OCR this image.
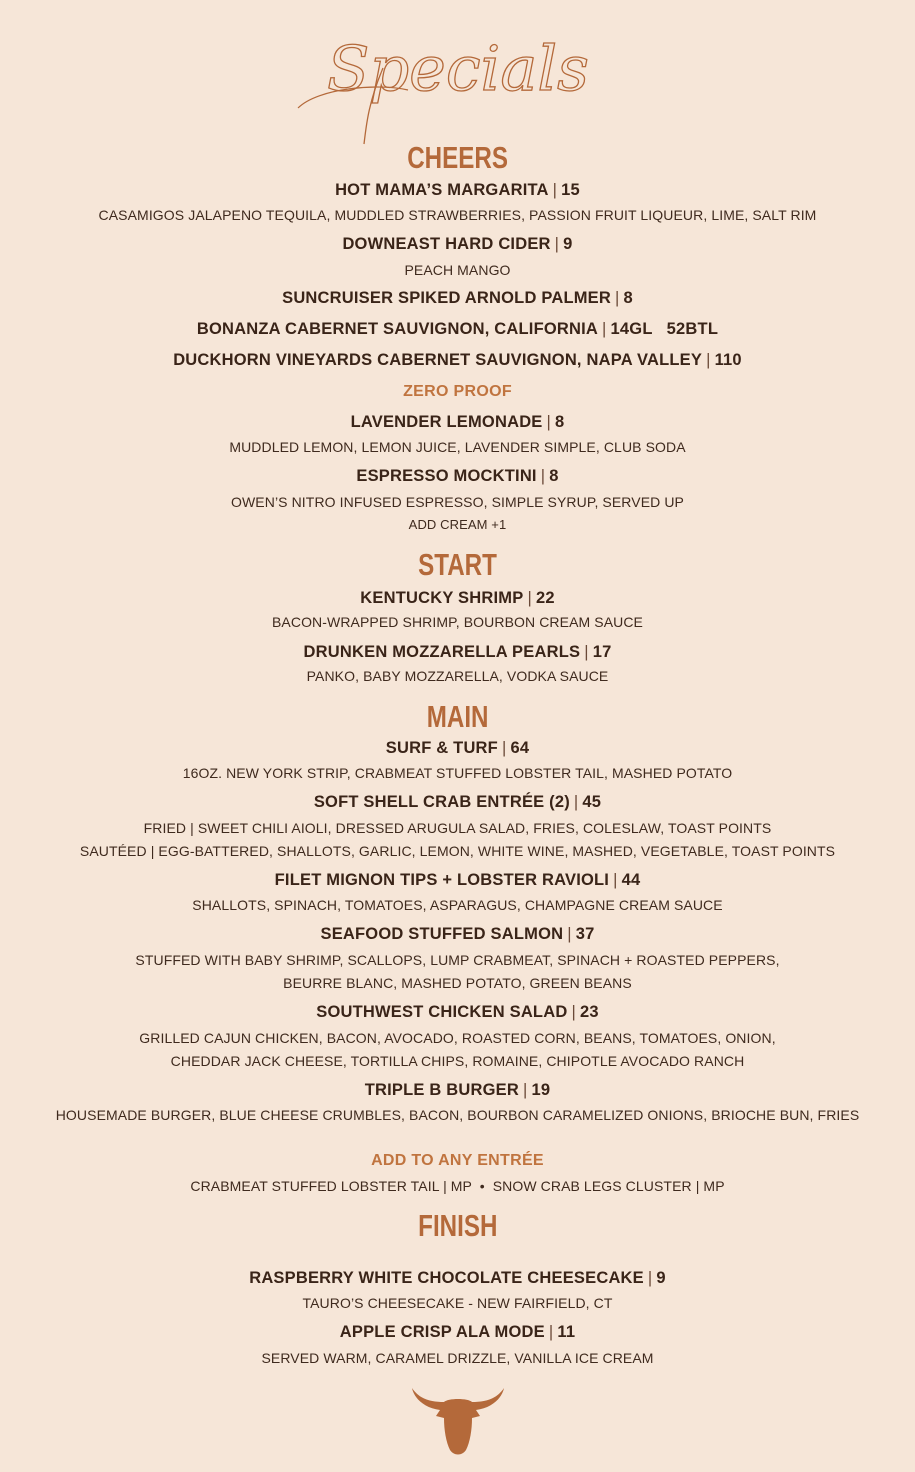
Specials
CHEERS
HOT MAMA’S MARGARITA | 15
CASAMIGOS JALAPENO TEQUILA, MUDDLED STRAWBERRIES, PASSION FRUIT LIQUEUR, LIME, SALT RIM
DOWNEAST HARD CIDER | 9
PEACH MANGO
SUNCRUISER SPIKED ARNOLD PALMER | 8
BONANZA CABERNET SAUVIGNON, CALIFORNIA | 14GL   52BTL
DUCKHORN VINEYARDS CABERNET SAUVIGNON, NAPA VALLEY | 110
ZERO PROOF
LAVENDER LEMONADE | 8
MUDDLED LEMON, LEMON JUICE, LAVENDER SIMPLE, CLUB SODA
ESPRESSO MOCKTINI | 8
OWEN’S NITRO INFUSED ESPRESSO, SIMPLE SYRUP, SERVED UP
ADD CREAM +1
START
KENTUCKY SHRIMP | 22
BACON-WRAPPED SHRIMP, BOURBON CREAM SAUCE
DRUNKEN MOZZARELLA PEARLS | 17
PANKO, BABY MOZZARELLA, VODKA SAUCE
MAIN
SURF & TURF | 64
16OZ. NEW YORK STRIP, CRABMEAT STUFFED LOBSTER TAIL, MASHED POTATO
SOFT SHELL CRAB ENTRÉE (2) | 45
FRIED | SWEET CHILI AIOLI, DRESSED ARUGULA SALAD, FRIES, COLESLAW, TOAST POINTS
SAUTÉED | EGG-BATTERED, SHALLOTS, GARLIC, LEMON, WHITE WINE, MASHED, VEGETABLE, TOAST POINTS
FILET MIGNON TIPS + LOBSTER RAVIOLI | 44
SHALLOTS, SPINACH, TOMATOES, ASPARAGUS, CHAMPAGNE CREAM SAUCE
SEAFOOD STUFFED SALMON | 37
STUFFED WITH BABY SHRIMP, SCALLOPS, LUMP CRABMEAT, SPINACH + ROASTED PEPPERS,
BEURRE BLANC, MASHED POTATO, GREEN BEANS
SOUTHWEST CHICKEN SALAD | 23
GRILLED CAJUN CHICKEN, BACON, AVOCADO, ROASTED CORN, BEANS, TOMATOES, ONION,
CHEDDAR JACK CHEESE, TORTILLA CHIPS, ROMAINE, CHIPOTLE AVOCADO RANCH
TRIPLE B BURGER | 19
HOUSEMADE BURGER, BLUE CHEESE CRUMBLES, BACON, BOURBON CARAMELIZED ONIONS, BRIOCHE BUN, FRIES
ADD TO ANY ENTRÉE
CRABMEAT STUFFED LOBSTER TAIL | MP  •  SNOW CRAB LEGS CLUSTER | MP
FINISH
RASPBERRY WHITE CHOCOLATE CHEESECAKE | 9
TAURO’S CHEESECAKE - NEW FAIRFIELD, CT
APPLE CRISP ALA MODE | 11
SERVED WARM, CARAMEL DRIZZLE, VANILLA ICE CREAM
